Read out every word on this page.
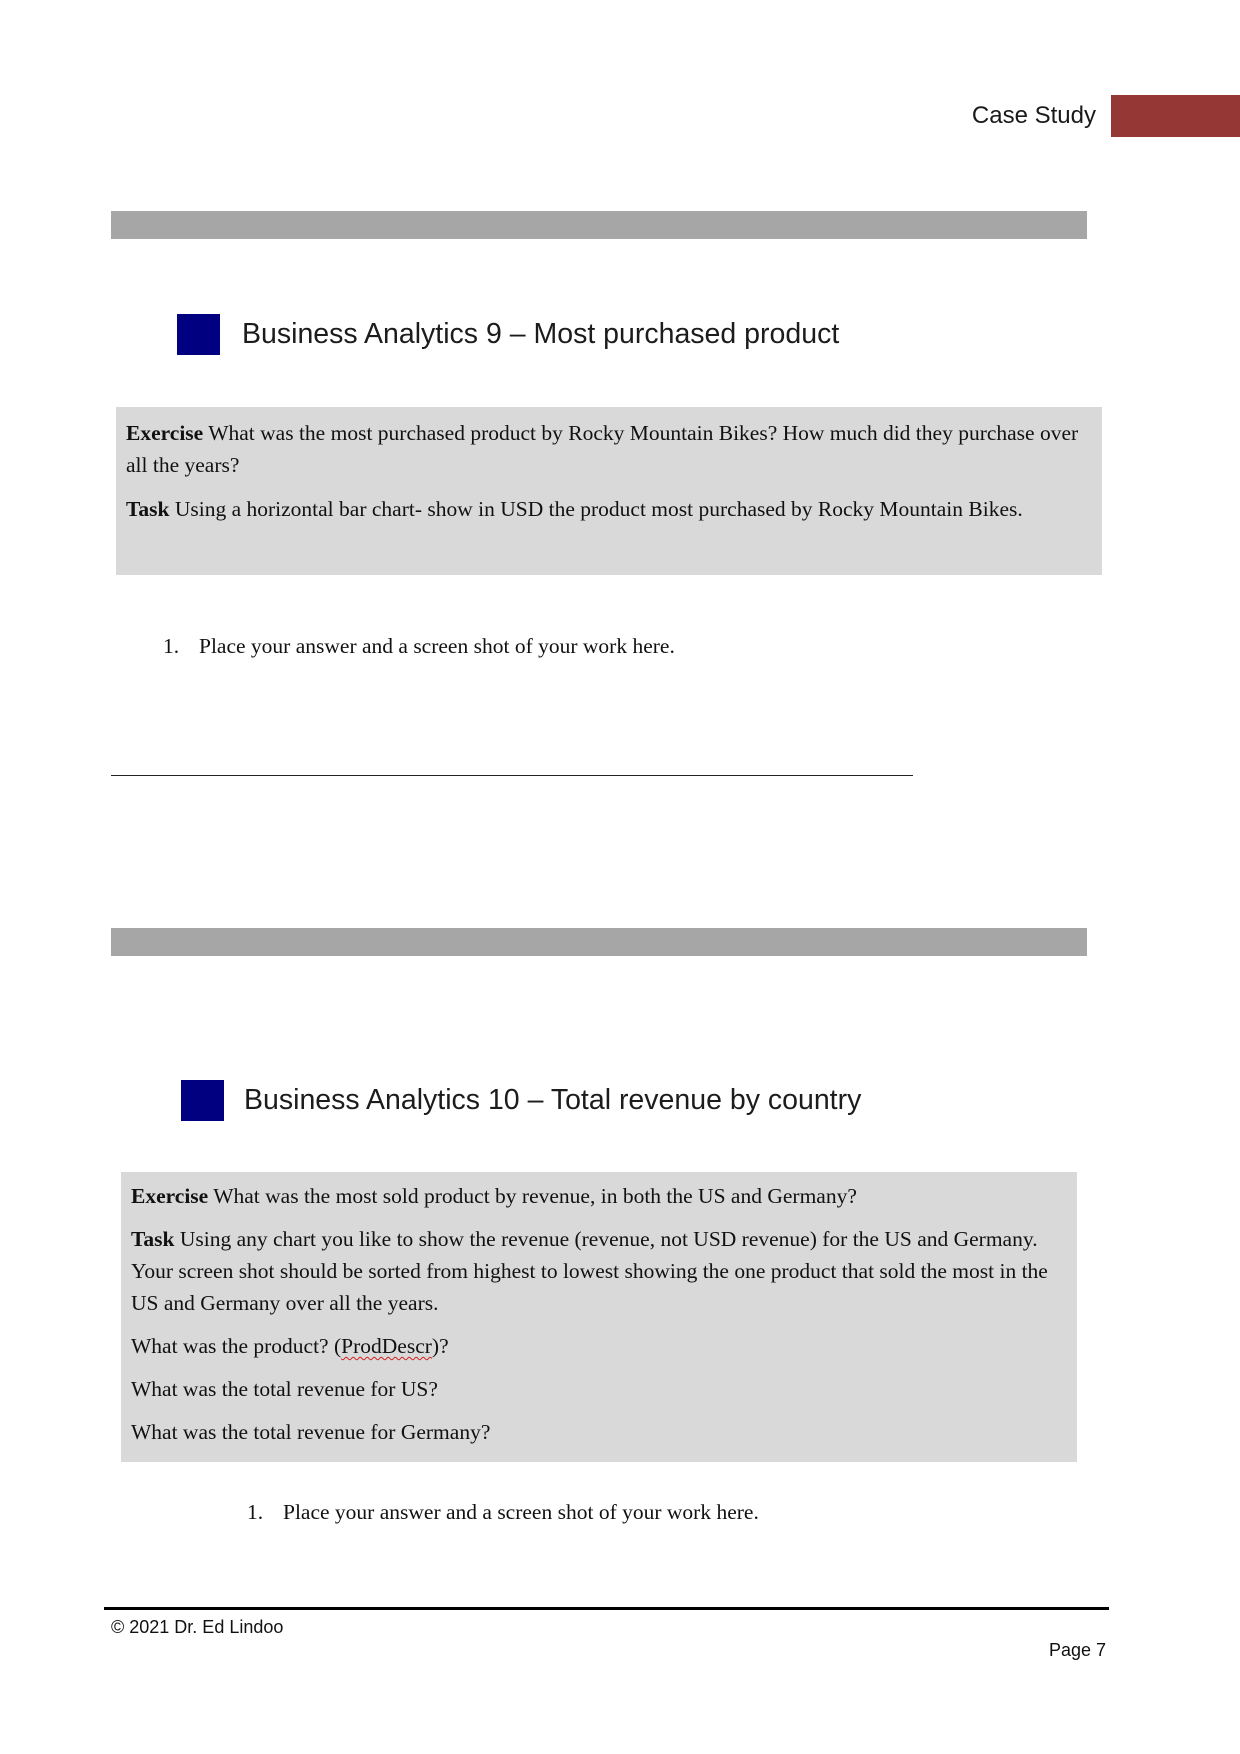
Case Study
Business Analytics 9 – Most purchased product

Exercise What was the most purchased product by Rocky Mountain Bikes? How much did they purchase over all the years?

Task Using a horizontal bar chart- show in USD the product most purchased by Rocky Mountain Bikes.

1. Place your answer and a screen shot of your work here.
Business Analytics 10 – Total revenue by country

Exercise What was the most sold product by revenue, in both the US and Germany?

Task Using any chart you like to show the revenue (revenue, not USD revenue) for the US and Germany. Your screen shot should be sorted from highest to lowest showing the one product that sold the most in the US and Germany over all the years.

What was the product? (ProdDescr)?

What was the total revenue for US?

What was the total revenue for Germany?

1. Place your answer and a screen shot of your work here.
© 2021 Dr. Ed Lindoo
Page 7
